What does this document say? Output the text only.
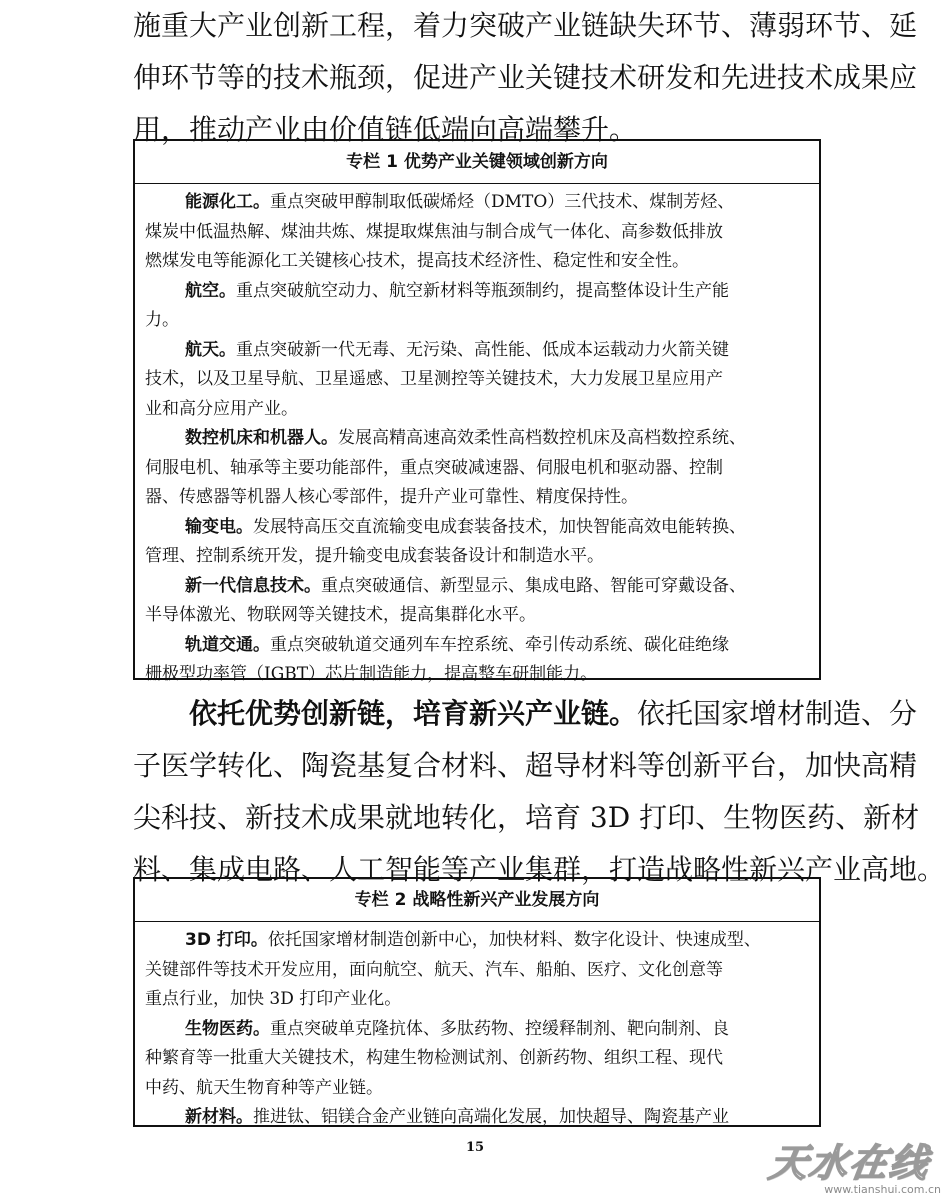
施重大产业创新工程，着力突破产业链缺失环节、薄弱环节、延
伸环节等的技术瓶颈，促进产业关键技术研发和先进技术成果应
用，推动产业由价值链低端向高端攀升。
专栏 1 优势产业关键领域创新方向
能源化工。重点突破甲醇制取低碳烯烃（DMTO）三代技术、煤制芳烃、
煤炭中低温热解、煤油共炼、煤提取煤焦油与制合成气一体化、高参数低排放
燃煤发电等能源化工关键核心技术，提高技术经济性、稳定性和安全性。
航空。重点突破航空动力、航空新材料等瓶颈制约，提高整体设计生产能
力。
航天。重点突破新一代无毒、无污染、高性能、低成本运载动力火箭关键
技术，以及卫星导航、卫星遥感、卫星测控等关键技术，大力发展卫星应用产
业和高分应用产业。
数控机床和机器人。发展高精高速高效柔性高档数控机床及高档数控系统、
伺服电机、轴承等主要功能部件，重点突破减速器、伺服电机和驱动器、控制
器、传感器等机器人核心零部件，提升产业可靠性、精度保持性。
输变电。发展特高压交直流输变电成套装备技术，加快智能高效电能转换、
管理、控制系统开发，提升输变电成套装备设计和制造水平。
新一代信息技术。重点突破通信、新型显示、集成电路、智能可穿戴设备、
半导体激光、物联网等关键技术，提高集群化水平。
轨道交通。重点突破轨道交通列车车控系统、牵引传动系统、碳化硅绝缘
栅极型功率管（IGBT）芯片制造能力，提高整车研制能力。
依托优势创新链，培育新兴产业链。依托国家增材制造、分
子医学转化、陶瓷基复合材料、超导材料等创新平台，加快高精
尖科技、新技术成果就地转化，培育 3D 打印、生物医药、新材
料、集成电路、人工智能等产业集群，打造战略性新兴产业高地。
专栏 2 战略性新兴产业发展方向
3D 打印。依托国家增材制造创新中心，加快材料、数字化设计、快速成型、
关键部件等技术开发应用，面向航空、航天、汽车、船舶、医疗、文化创意等
重点行业，加快 3D 打印产业化。
生物医药。重点突破单克隆抗体、多肽药物、控缓释制剂、靶向制剂、良
种繁育等一批重大关键技术，构建生物检测试剂、创新药物、组织工程、现代
中药、航天生物育种等产业链。
新材料。推进钛、铝镁合金产业链向高端化发展，加快超导、陶瓷基产业
15	天水在线
www.tianshui.com.cn
